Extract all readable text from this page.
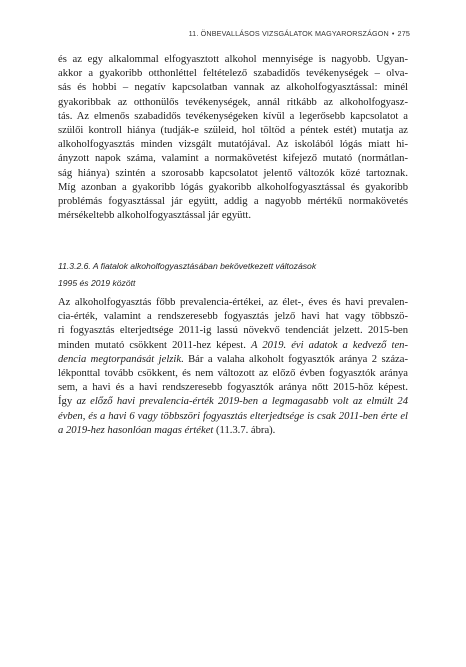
11. ÖNBEVALLÁSOS VIZSGÁLATOK MAGYARORSZÁGON • 275
és az egy alkalommal elfogyasztott alkohol mennyisége is nagyobb. Ugyan-
akkor a gyakoribb otthonléttel feltételező szabadidős tevékenységek – olva-
sás és hobbi – negatív kapcsolatban vannak az alkoholfogyasztással: minél
gyakoribbak az otthonülős tevékenységek, annál ritkább az alkoholfogyasz-
tás. Az elmenős szabadidős tevékenységeken kívül a legerősebb kapcsolatot a
szülői kontroll hiánya (tudják-e szüleid, hol töltöd a péntek estét) mutatja az
alkoholfogyasztás minden vizsgált mutatójával. Az iskolából lógás miatt hi-
ányzott napok száma, valamint a normakövetést kifejező mutató (normátlan-
ság hiánya) szintén a szorosabb kapcsolatot jelentő változók közé tartoznak.
Míg azonban a gyakoribb lógás gyakoribb alkoholfogyasztással és gyakoribb
problémás fogyasztással jár együtt, addig a nagyobb mértékű normakövetés
mérsékeltebb alkoholfogyasztással jár együtt.
11.3.2.6. A fiatalok alkoholfogyasztásában bekövetkezett változások
1995 és 2019 között
Az alkoholfogyasztás főbb prevalencia-értékei, az élet-, éves és havi prevalen-
cia-érték, valamint a rendszeresebb fogyasztás jelző havi hat vagy többszö-
ri fogyasztás elterjedtsége 2011-ig lassú növekvő tendenciát jelzett. 2015-ben
minden mutató csökkent 2011-hez képest. A 2019. évi adatok a kedvező ten-
dencia megtorpanását jelzik. Bár a valaha alkoholt fogyasztók aránya 2 száza-
lékponttal tovább csökkent, és nem változott az előző évben fogyasztók aránya
sem, a havi és a havi rendszeresebb fogyasztók aránya nőtt 2015-höz képest.
Így az előző havi prevalencia-érték 2019-ben a legmagasabb volt az elmúlt 24
évben, és a havi 6 vagy többszöri fogyasztás elterjedtsége is csak 2011-ben érte el
a 2019-hez hasonlóan magas értéket (11.3.7. ábra).
